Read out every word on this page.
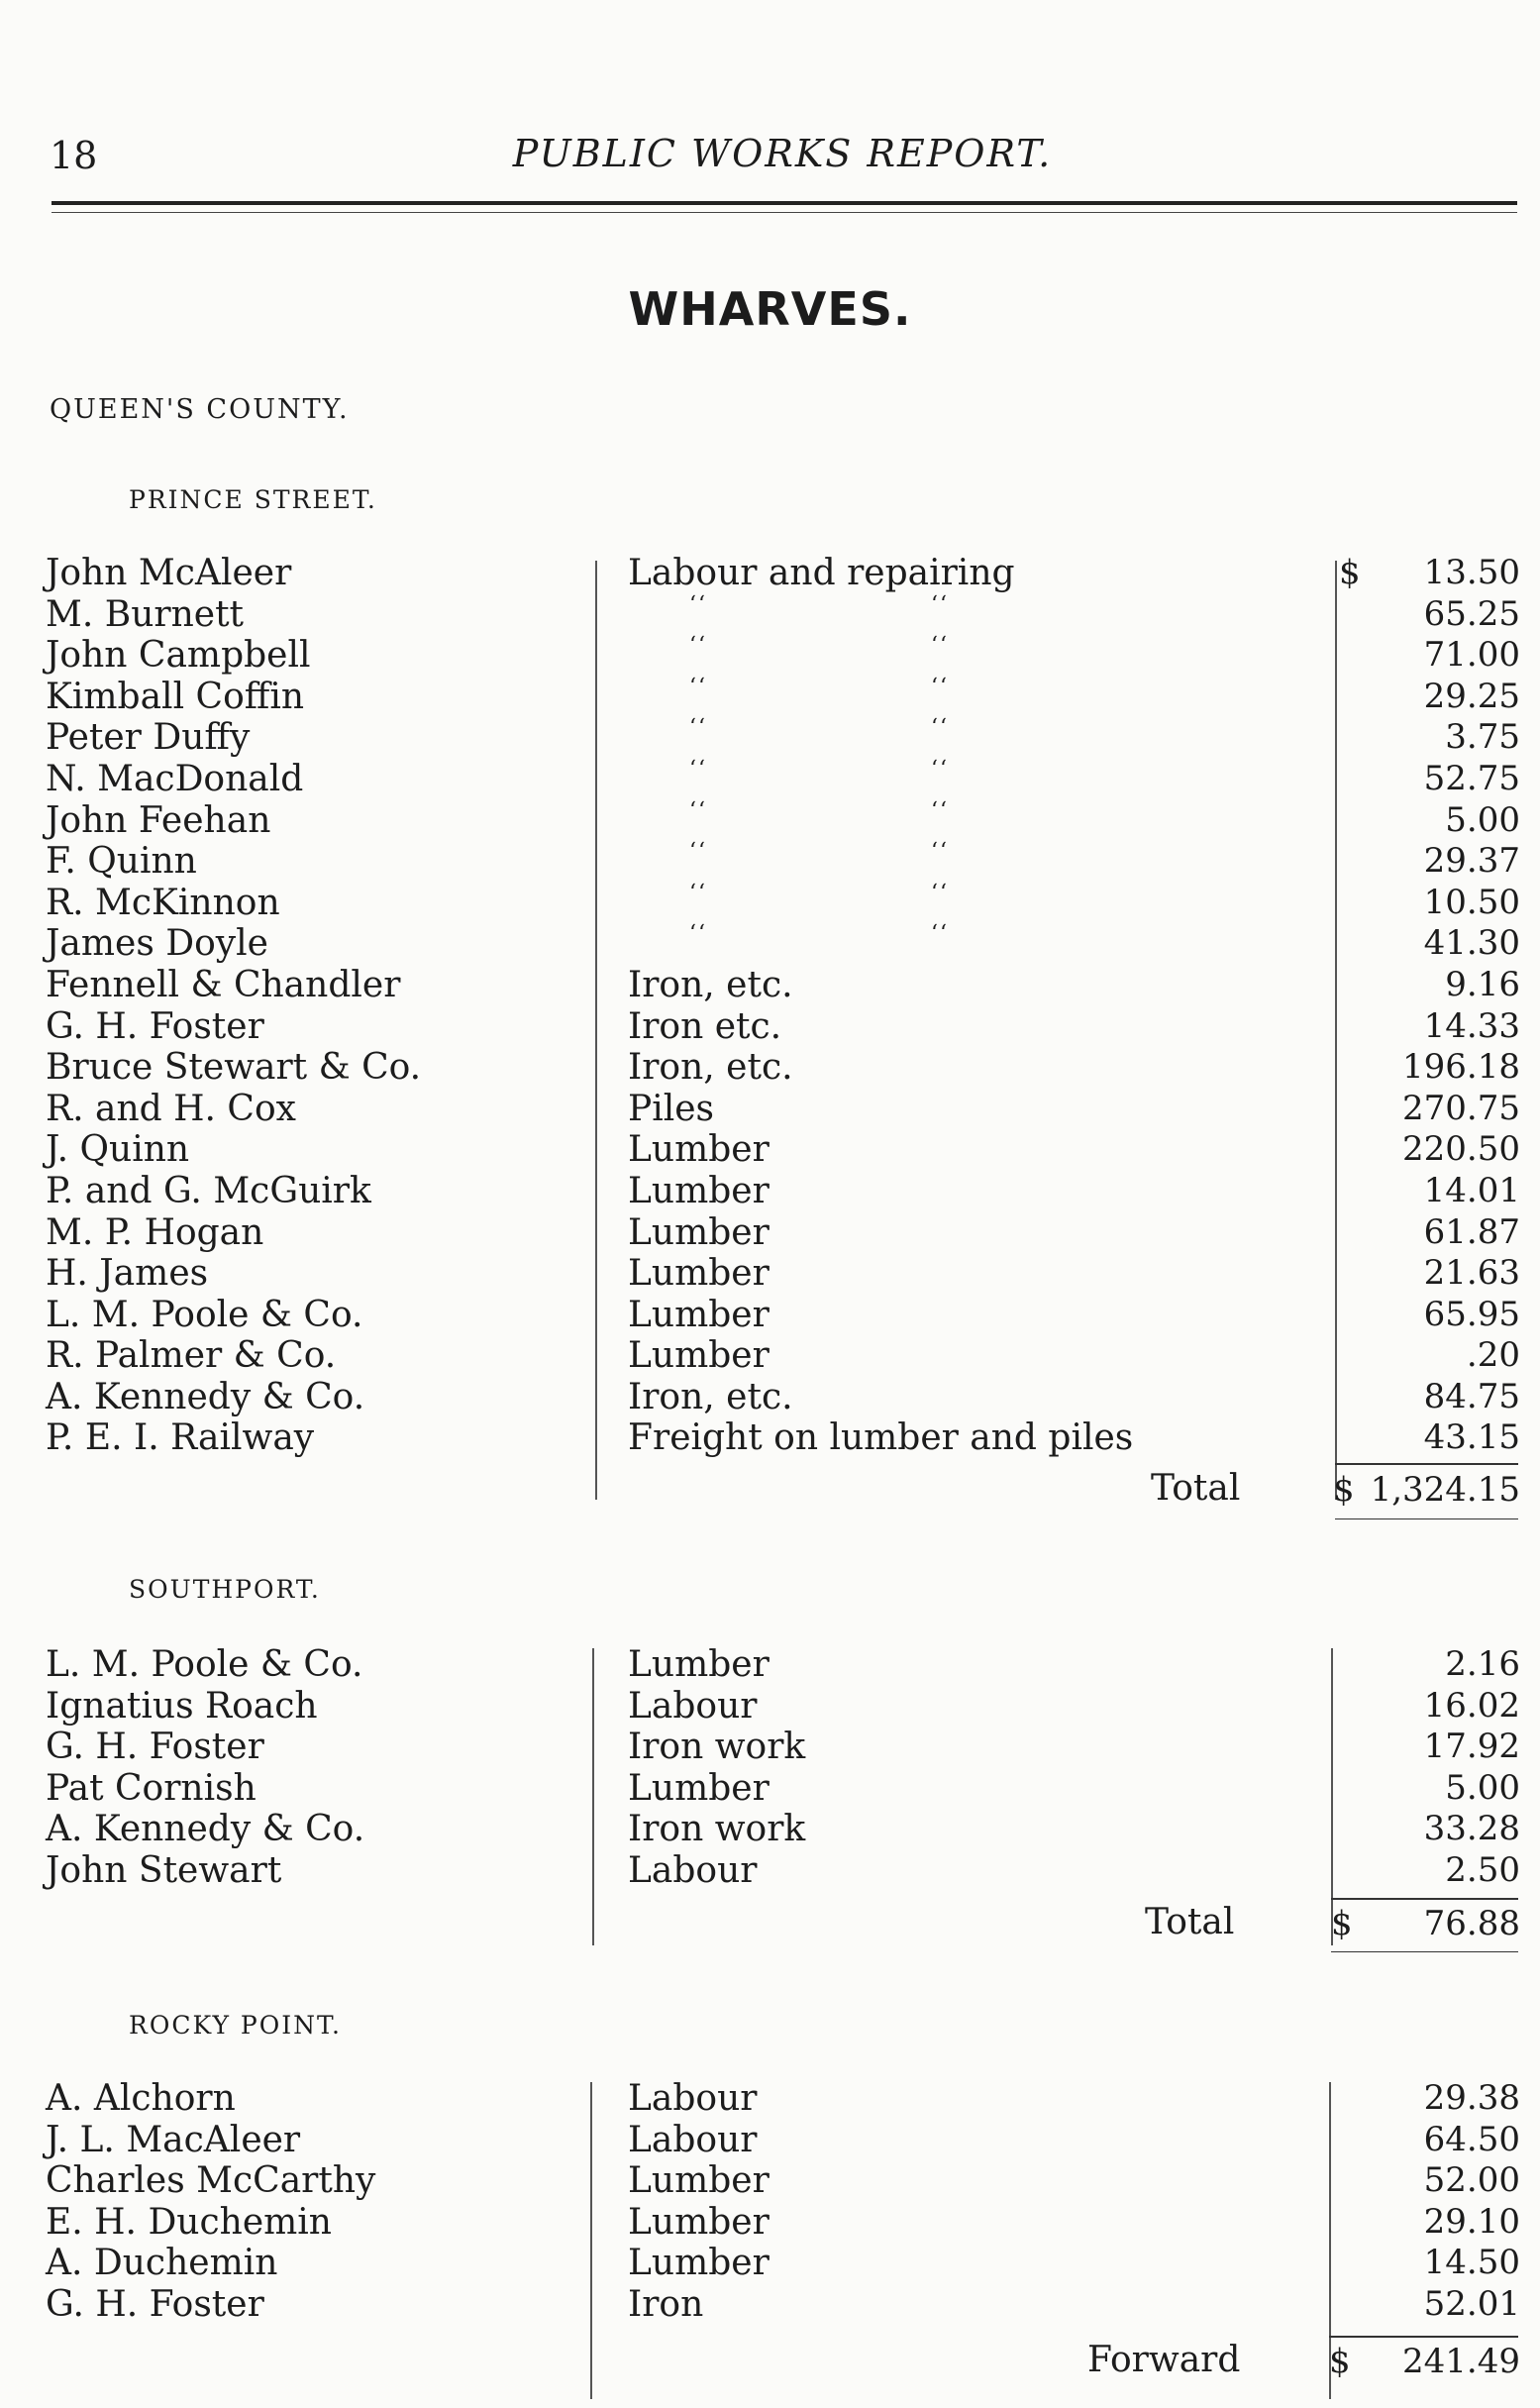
18	PUBLIC WORKS REPORT.
WHARVES.
QUEEN'S COUNTY.
PRINCE STREET.
John McAleer	Labour and repairing	$ 13.50
M. Burnett	‘‘	‘‘	65.25
John Campbell	‘‘	‘‘	71.00
Kimball Coffin	‘‘	‘‘	29.25
Peter Duffy	‘‘	‘‘	3.75
N. MacDonald	‘‘	‘‘	52.75
John Feehan	‘‘	‘‘	5.00
F. Quinn	‘‘	‘‘	29.37
R. McKinnon	‘‘	‘‘	10.50
James Doyle	‘‘	‘‘	41.30
Fennell & Chandler	Iron, etc.	9.16
G. H. Foster	Iron etc.	14.33
Bruce Stewart & Co.	Iron, etc.	196.18
R. and H. Cox	Piles	270.75
J. Quinn	Lumber	220.50
P. and G. McGuirk	Lumber	14.01
M. P. Hogan	Lumber	61.87
H. James	Lumber	21.63
L. M. Poole & Co.	Lumber	65.95
R. Palmer & Co.	Lumber	.20
A. Kennedy & Co.	Iron, etc.	84.75
P. E. I. Railway	Freight on lumber and piles	43.15
Total	$ 1,324.15
SOUTHPORT.
L. M. Poole & Co.	Lumber	2.16
Ignatius Roach	Labour	16.02
G. H. Foster	Iron work	17.92
Pat Cornish	Lumber	5.00
A. Kennedy & Co.	Iron work	33.28
John Stewart	Labour	2.50
Total	$ 76.88
ROCKY POINT.
A. Alchorn	Labour	29.38
J. L. MacAleer	Labour	64.50
Charles McCarthy	Lumber	52.00
E. H. Duchemin	Lumber	29.10
A. Duchemin	Lumber	14.50
G. H. Foster	Iron	52.01
Forward	$ 241.49
